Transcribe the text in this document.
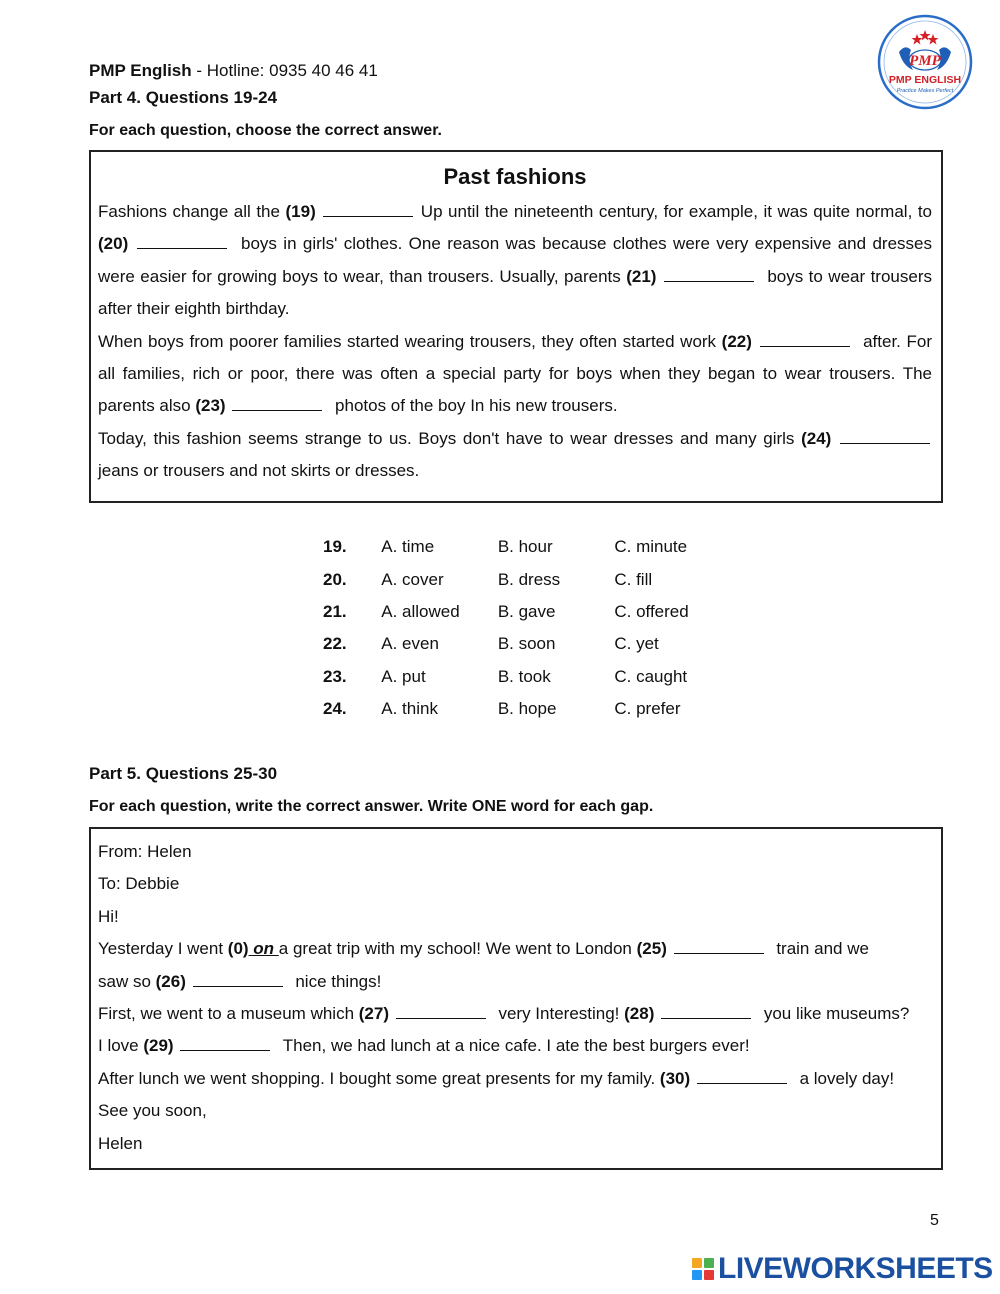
PMP English - Hotline: 0935 40 46 41
Part 4. Questions 19-24
For each question, choose the correct answer.
PMP
PMP ENGLISH
Practice Makes Perfect
Past fashions
Fashions change all the (19)	Up until the nineteenth century, for example, it was quite normal, to (20)	boys in girls' clothes. One reason was because clothes were very expensive and dresses were easier for growing boys to wear, than trousers. Usually, parents (21)	boys to wear trousers after their eighth birthday.
When boys from poorer families started wearing trousers, they often started work (22)	after. For all families, rich or poor, there was often a special party for boys when they began to wear trousers. The parents also (23)	photos of the boy In his new trousers.
Today, this fashion seems strange to us. Boys don't have to wear dresses and many girls (24)  jeans or trousers and not skirts or dresses.
19.	A. time	B. hour	C. minute
20.	A. cover	B. dress	C. fill
21.	A. allowed	B. gave	C. offered
22.	A. even	B. soon	C. yet
23.	A. put	B. took	C. caught
24.	A. think	B. hope	C. prefer
Part 5. Questions 25-30
For each question, write the correct answer. Write ONE word for each gap.
From: Helen
To: Debbie
Hi!
Yesterday I went (0) on a great trip with my school! We went to London (25)	train and we
saw so (26)	nice things!
First, we went to a museum which (27)	very Interesting! (28)	you like museums?
I love (29)	Then, we had lunch at a nice cafe. I ate the best burgers ever!
After lunch we went shopping. I bought some great presents for my family. (30)	a lovely day!
See you soon,
Helen
5
LIVEWORKSHEETS
